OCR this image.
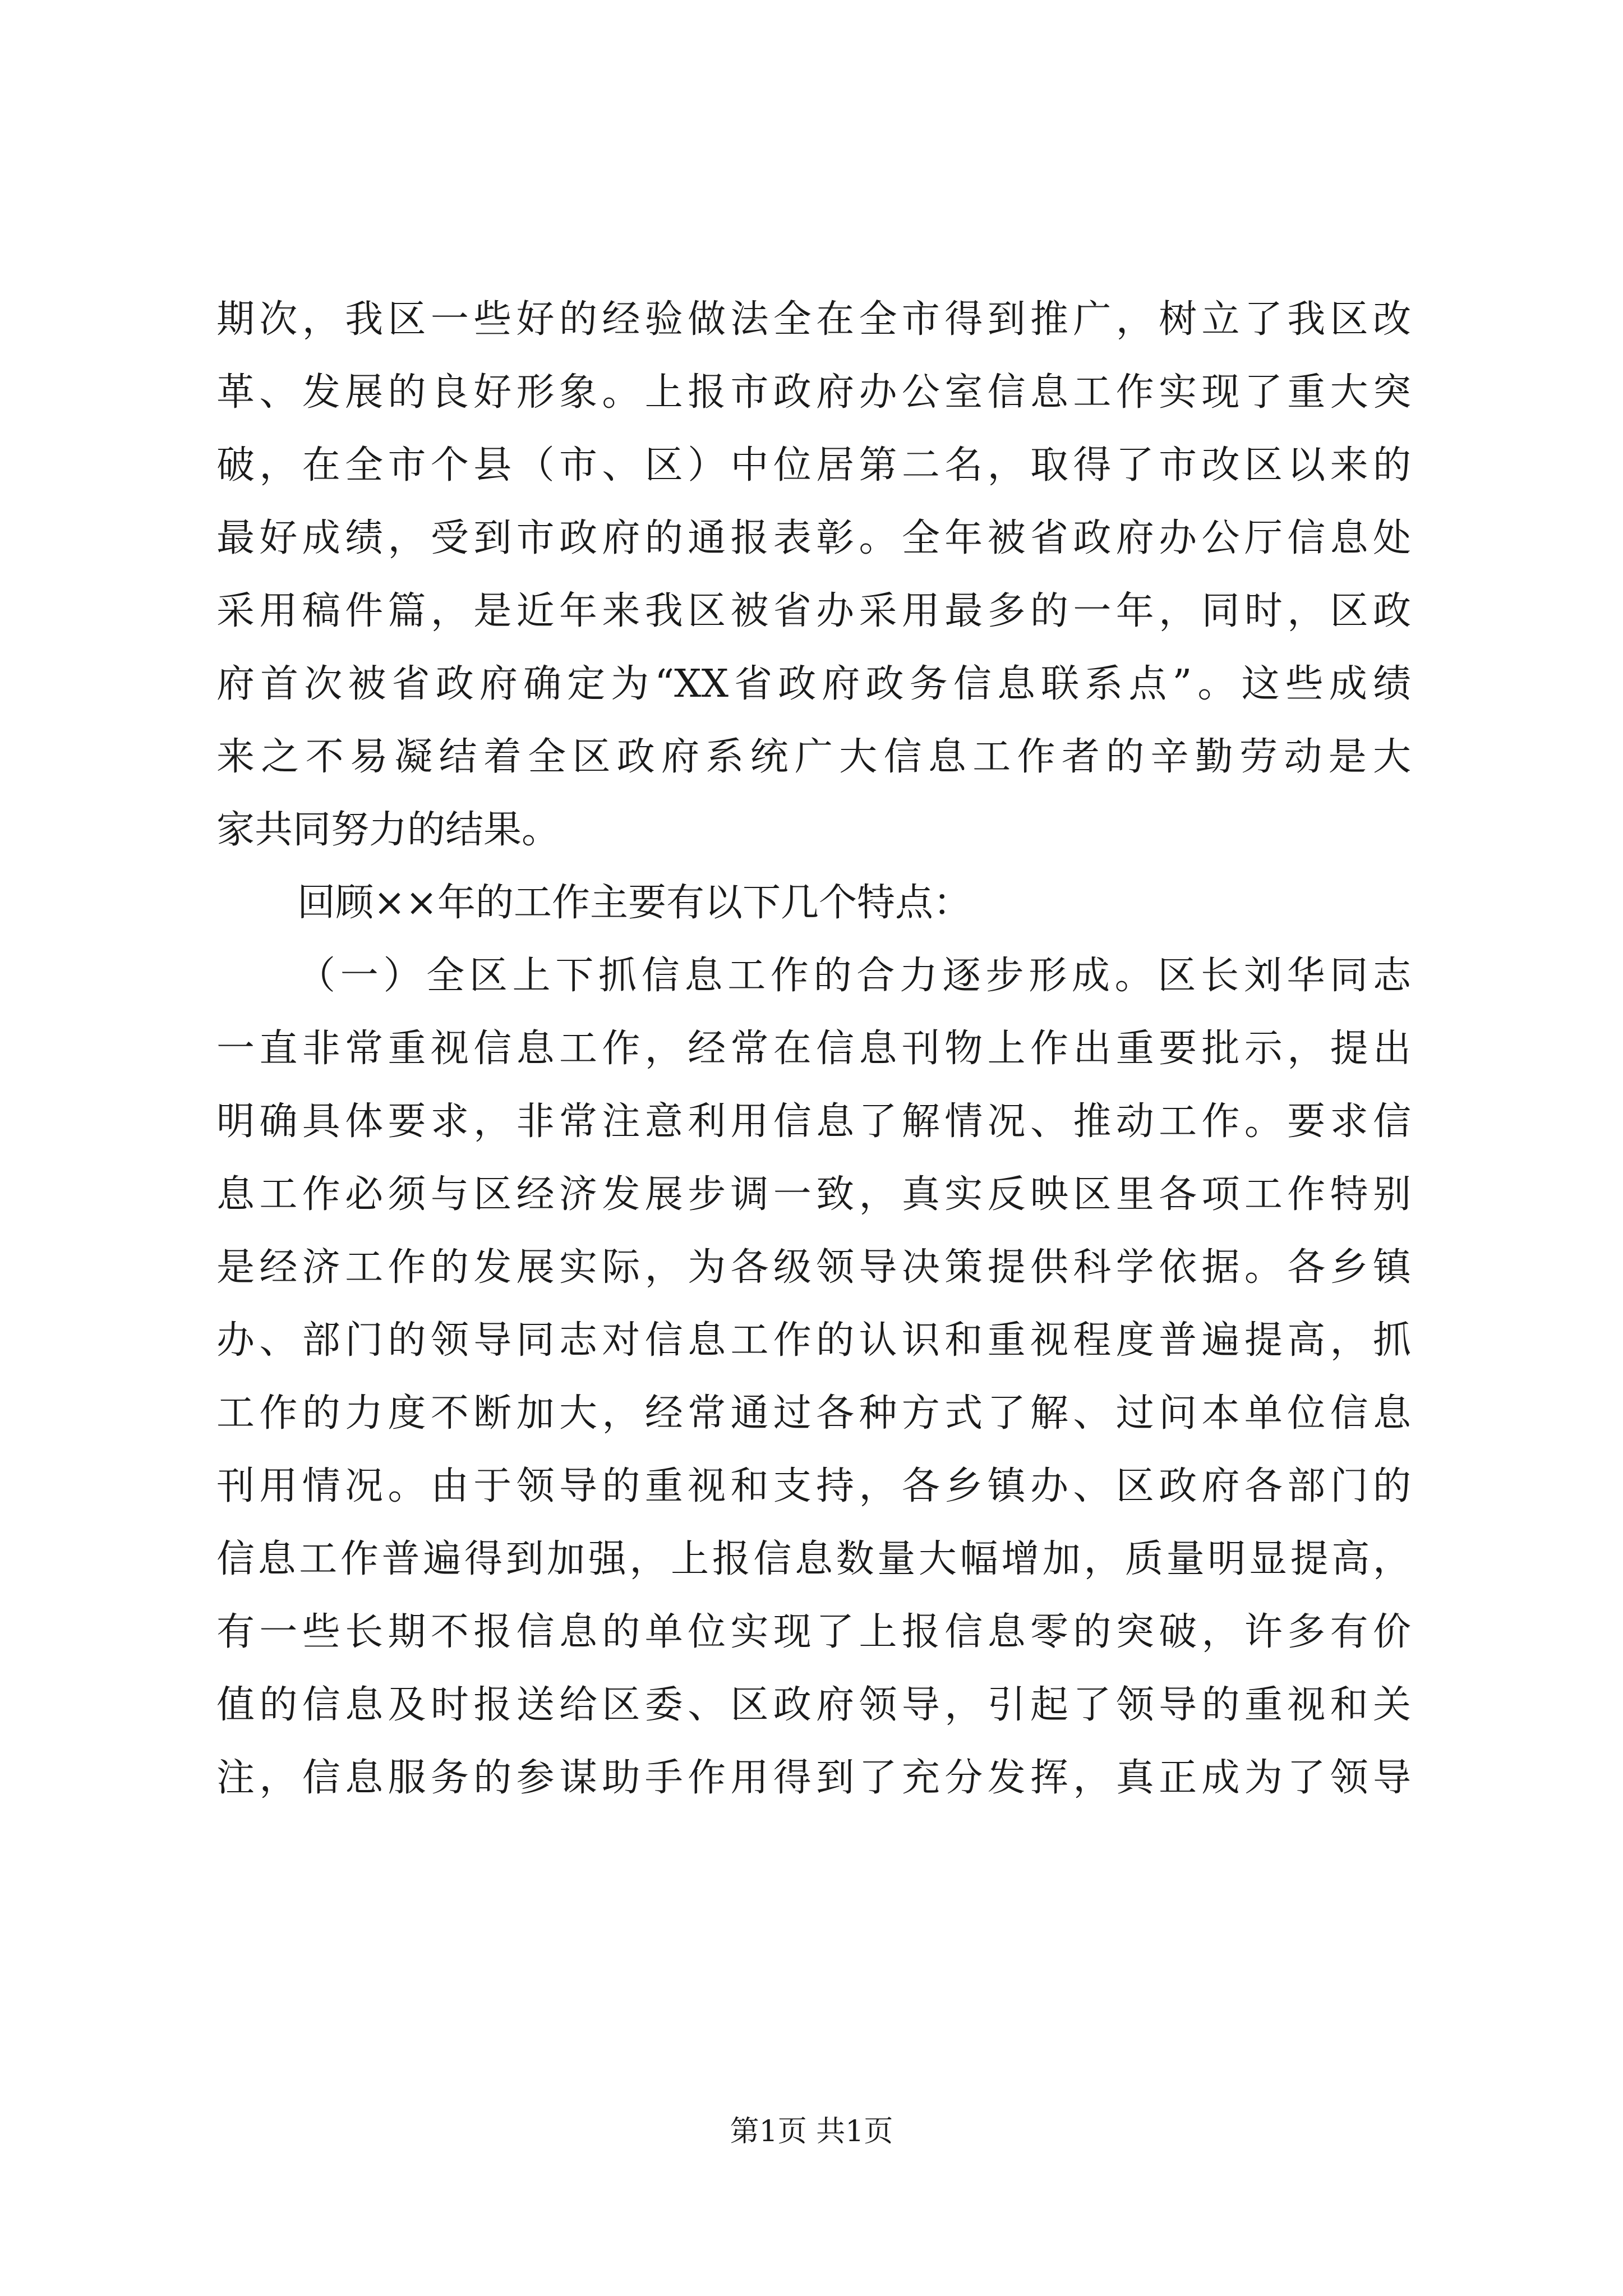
期次，我区一些好的经验做法全在全市得到推广，树立了我区改
革、发展的良好形象。上报市政府办公室信息工作实现了重大突
破，在全市个县（市、区）中位居第二名，取得了市改区以来的
最好成绩，受到市政府的通报表彰。全年被省政府办公厅信息处
采用稿件篇，是近年来我区被省办采用最多的一年，同时，区政
府首次被省政府确定为“XX省政府政务信息联系点”。这些成绩
来之不易凝结着全区政府系统广大信息工作者的辛勤劳动是大
家共同努力的结果。
回顾××年的工作主要有以下几个特点：
（一）全区上下抓信息工作的合力逐步形成。区长刘华同志
一直非常重视信息工作，经常在信息刊物上作出重要批示，提出
明确具体要求，非常注意利用信息了解情况、推动工作。要求信
息工作必须与区经济发展步调一致，真实反映区里各项工作特别
是经济工作的发展实际，为各级领导决策提供科学依据。各乡镇
办、部门的领导同志对信息工作的认识和重视程度普遍提高，抓
工作的力度不断加大，经常通过各种方式了解、过问本单位信息
刊用情况。由于领导的重视和支持，各乡镇办、区政府各部门的
信息工作普遍得到加强，上报信息数量大幅增加，质量明显提高，
有一些长期不报信息的单位实现了上报信息零的突破，许多有价
值的信息及时报送给区委、区政府领导，引起了领导的重视和关
注，信息服务的参谋助手作用得到了充分发挥，真正成为了领导
第1页 共1页
